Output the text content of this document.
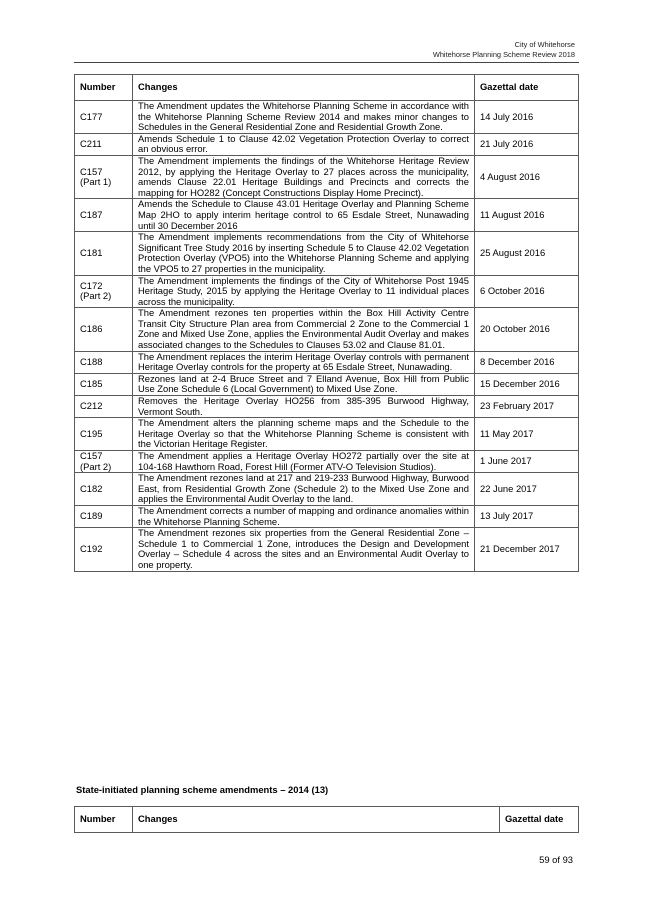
City of Whitehorse
Whitehorse Planning Scheme Review 2018
Number	Changes	Gazettal date

C177	The Amendment updates the Whitehorse Planning Scheme in accordance with the Whitehorse Planning Scheme Review 2014 and makes minor changes to Schedules in the General Residential Zone and Residential Growth Zone.	14 July 2016

C211	Amends Schedule 1 to Clause 42.02 Vegetation Protection Overlay to correct an obvious error.	21 July 2016

C157
(Part 1)	The Amendment implements the findings of the Whitehorse Heritage Review 2012, by applying the Heritage Overlay to 27 places across the municipality, amends Clause 22.01 Heritage Buildings and Precincts and corrects the mapping for HO282 (Concept Constructions Display Home Precinct).	4 August 2016

C187	Amends the Schedule to Clause 43.01 Heritage Overlay and Planning Scheme Map 2HO to apply interim heritage control to 65 Esdale Street, Nunawading until 30 December 2016	11 August 2016

C181	The Amendment implements recommendations from the City of Whitehorse Significant Tree Study 2016 by inserting Schedule 5 to Clause 42.02 Vegetation Protection Overlay (VPO5) into the Whitehorse Planning Scheme and applying the VPO5 to 27 properties in the municipality.	25 August 2016

C172
(Part 2)	The Amendment implements the findings of the City of Whitehorse Post 1945 Heritage Study, 2015 by applying the Heritage Overlay to 11 individual places across the municipality.	6 October 2016

C186	The Amendment rezones ten properties within the Box Hill Activity Centre Transit City Structure Plan area from Commercial 2 Zone to the Commercial 1 Zone and Mixed Use Zone, applies the Environmental Audit Overlay and makes associated changes to the Schedules to Clauses 53.02 and Clause 81.01.	20 October 2016

C188	The Amendment replaces the interim Heritage Overlay controls with permanent Heritage Overlay controls for the property at 65 Esdale Street, Nunawading.	8 December 2016

C185	Rezones land at 2-4 Bruce Street and 7 Elland Avenue, Box Hill from Public Use Zone Schedule 6 (Local Government) to Mixed Use Zone.	15 December 2016

C212	Removes the Heritage Overlay HO256 from 385-395 Burwood Highway, Vermont South.	23 February 2017

C195	The Amendment alters the planning scheme maps and the Schedule to the Heritage Overlay so that the Whitehorse Planning Scheme is consistent with the Victorian Heritage Register.	11 May 2017

C157
(Part 2)	The Amendment applies a Heritage Overlay HO272 partially over the site at 104-168 Hawthorn Road, Forest Hill (Former ATV-O Television Studios).	1 June 2017

C182	The Amendment rezones land at 217 and 219-233 Burwood Highway, Burwood East, from Residential Growth Zone (Schedule 2) to the Mixed Use Zone and applies the Environmental Audit Overlay to the land.	22 June 2017

C189	The Amendment corrects a number of mapping and ordinance anomalies within the Whitehorse Planning Scheme.	13 July 2017

C192	The Amendment rezones six properties from the General Residential Zone – Schedule 1 to Commercial 1 Zone, introduces the Design and Development Overlay – Schedule 4 across the sites and an Environmental Audit Overlay to one property.	21 December 2017
State-initiated planning scheme amendments – 2014 (13)
Number	Changes	Gazettal date
59 of 93
